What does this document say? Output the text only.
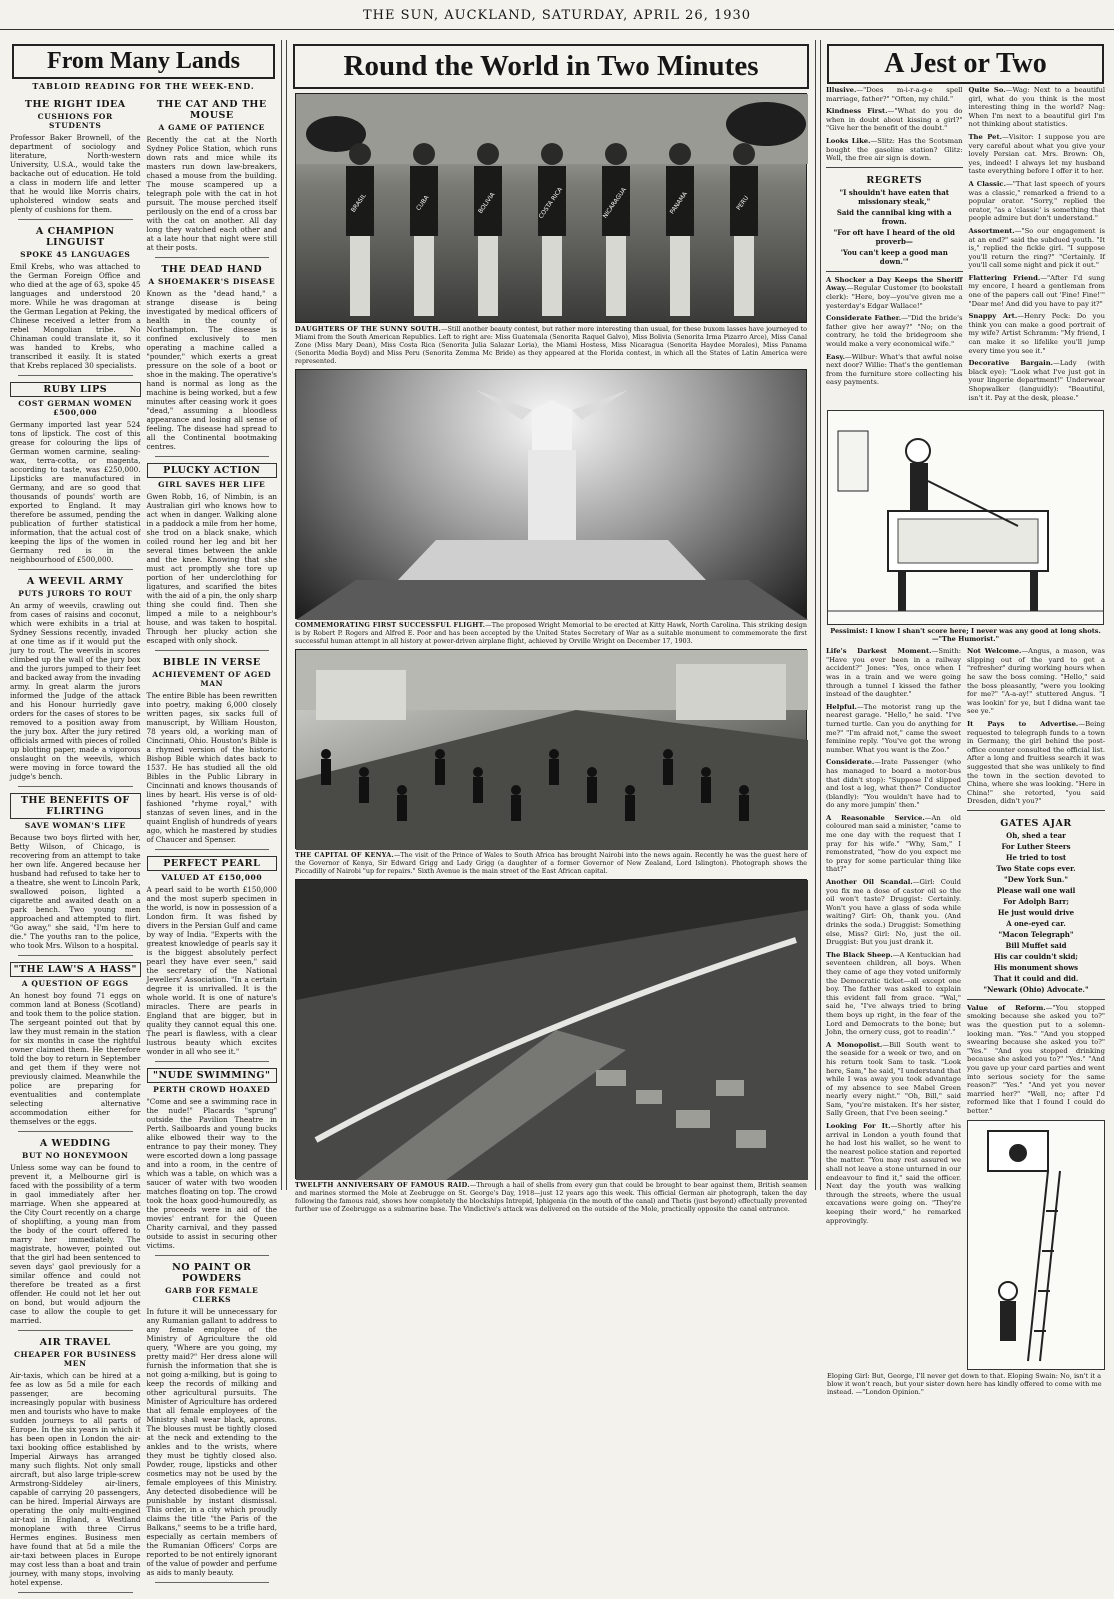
THE SUN, AUCKLAND, SATURDAY, APRIL 26, 1930
From Many Lands
TABLOID READING FOR THE WEEK-END.
THE RIGHT IDEA
CUSHIONS FOR STUDENTS
Professor Baker Brownell, of the department of sociology and literature, North-western University, U.S.A., would take the backache out of education. He told a class in modern life and letter that he would like Morris chairs, upholstered window seats and plenty of cushions for them.
A CHAMPION LINGUIST
SPOKE 45 LANGUAGES
Emil Krebs, who was attached to the German Foreign Office and who died at the age of 63, spoke 45 languages and understood 20 more. While he was dragoman at the German Legation at Peking, the Chinese received a letter from a rebel Mongolian tribe. No Chinaman could translate it, so it was handed to Krebs, who transcribed it easily. It is stated that Krebs replaced 30 specialists.
RUBY LIPS
COST GERMAN WOMEN £500,000
Germany imported last year 524 tons of lipstick. The cost of this grease for colouring the lips of German women carmine, sealing-wax, terra-cotta, or magenta, according to taste, was £250,000. Lipsticks are manufactured in Germany, and are so good that thousands of pounds' worth are exported to England. It may therefore be assumed, pending the publication of further statistical information, that the actual cost of keeping the lips of the women in Germany red is in the neighbourhood of £500,000.
A WEEVIL ARMY
PUTS JURORS TO ROUT
An army of weevils, crawling out from cases of raisins and coconut, which were exhibits in a trial at Sydney Sessions recently, invaded at one time as if it would put the jury to rout. The weevils in scores climbed up the wall of the jury box and the jurors jumped to their feet and backed away from the invading army. In great alarm the jurors informed the Judge of the attack and his Honour hurriedly gave orders for the cases of stores to be removed to a position away from the jury box. After the jury retired officials armed with pieces of rolled up blotting paper, made a vigorous onslaught on the weevils, which were moving in force toward the judge's bench.
THE BENEFITS OF FLIRTING
SAVE WOMAN'S LIFE
Because two boys flirted with her, Betty Wilson, of Chicago, is recovering from an attempt to take her own life. Angered because her husband had refused to take her to a theatre, she went to Lincoln Park, swallowed poison, lighted a cigarette and awaited death on a park bench. Two young men approached and attempted to flirt. "Go away," she said, "I'm here to die." The youths ran to the police, who took Mrs. Wilson to a hospital.
"THE LAW'S A HASS"
A QUESTION OF EGGS
An honest boy found 71 eggs on common land at Boness (Scotland) and took them to the police station. The sergeant pointed out that by law they must remain in the station for six months in case the rightful owner claimed them. He therefore told the boy to return in September and get them if they were not previously claimed. Meanwhile the police are preparing for eventualities and contemplate selecting alternative accommodation either for themselves or the eggs.
A WEDDING
BUT NO HONEYMOON
Unless some way can be found to prevent it, a Melbourne girl is faced with the possibility of a term in gaol immediately after her marriage. When she appeared at the City Court recently on a charge of shoplifting, a young man from the body of the court offered to marry her immediately. The magistrate, however, pointed out that the girl had been sentenced to seven days' gaol previously for a similar offence and could not therefore be treated as a first offender. He could not let her out on bond, but would adjourn the case to allow the couple to get married.
AIR TRAVEL
CHEAPER FOR BUSINESS MEN
Air-taxis, which can be hired at a fee as low as 5d a mile for each passenger, are becoming increasingly popular with business men and tourists who have to make sudden journeys to all parts of Europe. In the six years in which it has been open in London the air-taxi booking office established by Imperial Airways has arranged many such flights. Not only small aircraft, but also large triple-screw Armstrong-Siddeley air-liners, capable of carrying 20 passengers, can be hired. Imperial Airways are operating the only multi-engined air-taxi in England, a Westland monoplane with three Cirrus Hermes engines. Business men have found that at 5d a mile the air-taxi between places in Europe may cost less than a boat and train journey, with many stops, involving hotel expense.
THE CAT AND THE MOUSE
A GAME OF PATIENCE
Recently the cat at the North Sydney Police Station, which runs down rats and mice while its masters run down law-breakers, chased a mouse from the building. The mouse scampered up a telegraph pole with the cat in hot pursuit. The mouse perched itself perilously on the end of a cross bar with the cat on another. All day long they watched each other and at a late hour that night were still at their posts.
THE DEAD HAND
A SHOEMAKER'S DISEASE
Known as the "dead hand," a strange disease is being investigated by medical officers of health in the county of Northampton. The disease is confined exclusively to men operating a machine called a "pounder," which exerts a great pressure on the sole of a boot or shoe in the making. The operative's hand is normal as long as the machine is being worked, but a few minutes after ceasing work it goes "dead," assuming a bloodless appearance and losing all sense of feeling. The disease had spread to all the Continental bootmaking centres.
PLUCKY ACTION
GIRL SAVES HER LIFE
Gwen Robb, 16, of Nimbin, is an Australian girl who knows how to act when in danger. Walking alone in a paddock a mile from her home, she trod on a black snake, which coiled round her leg and bit her several times between the ankle and the knee. Knowing that she must act promptly she tore up portion of her underclothing for ligatures, and scarified the bites with the aid of a pin, the only sharp thing she could find. Then she limped a mile to a neighbour's house, and was taken to hospital. Through her plucky action she escaped with only shock.
BIBLE IN VERSE
ACHIEVEMENT OF AGED MAN
The entire Bible has been rewritten into poetry, making 6,000 closely written pages, six sacks full of manuscript, by William Houston, 78 years old, a working man of Cincinnati, Ohio. Houston's Bible is a rhymed version of the historic Bishop Bible which dates back to 1537. He has studied all the old Bibles in the Public Library in Cincinnati and knows thousands of lines by heart. His verse is of old-fashioned "rhyme royal," with stanzas of seven lines, and in the quaint English of hundreds of years ago, which he mastered by studies of Chaucer and Spenser.
PERFECT PEARL
VALUED AT £150,000
A pearl said to be worth £150,000 and the most superb specimen in the world, is now in possession of a London firm. It was fished by divers in the Persian Gulf and came by way of India. "Experts with the greatest knowledge of pearls say it is the biggest absolutely perfect pearl they have ever seen," said the secretary of the National Jewellers' Association. "In a certain degree it is unrivalled. It is the whole world. It is one of nature's miracles. There are pearls in England that are bigger, but in quality they cannot equal this one. The pearl is flawless, with a clear lustrous beauty which excites wonder in all who see it."
"NUDE SWIMMING"
PERTH CROWD HOAXED
"Come and see a swimming race in the nude!" Placards "sprung" outside the Pavilion Theatre in Perth. Sailboards and young bucks alike elbowed their way to the entrance to pay their money. They were escorted down a long passage and into a room, in the centre of which was a table, on which was a saucer of water with two wooden matches floating on top. The crowd took the hoax good-humouredly, as the proceeds were in aid of the movies' entrant for the Queen Charity carnival, and they passed outside to assist in securing other victims.
NO PAINT OR POWDERS
GARB FOR FEMALE CLERKS
In future it will be unnecessary for any Rumanian gallant to address to any female employee of the Ministry of Agriculture the old query, "Where are you going, my pretty maid?" Her dress alone will furnish the information that she is not going a-milking, but is going to keep the records of milking and other agricultural pursuits. The Minister of Agriculture has ordered that all female employees of the Ministry shall wear black, aprons. The blouses must be tightly closed at the neck and extending to the ankles and to the wrists, where they must be tightly closed also. Powder, rouge, lipsticks and other cosmetics may not be used by the female employees of this Ministry. Any detected disobedience will be punishable by instant dismissal. This order, in a city which proudly claims the title "the Paris of the Balkans," seems to be a trifle hard, especially as certain members of the Rumanian Officers' Corps are reported to be not entirely ignorant of the value of powder and perfume as aids to manly beauty.
Round the World in Two Minutes
BRASIL	CUBA	BOLIVIA	COSTA RICA	NICARAGUA	PANAMA	PERU
DAUGHTERS OF THE SUNNY SOUTH.—Still another beauty contest, but rather more interesting than usual, for these buxom lasses have journeyed to Miami from the South American Republics. Left to right are: Miss Guatemala (Senorita Raquel Galvo), Miss Bolivia (Senorita Irma Pizarro Arce), Miss Canal Zone (Miss Mary Dean), Miss Costa Rica (Senorita Julia Salazar Loria), the Miami Hostess, Miss Nicaragua (Senorita Haydee Morales), Miss Panama (Senorita Media Boyd) and Miss Peru (Senorita Zemma Mc Bride) as they appeared at the Florida contest, in which all the States of Latin America were represented.
COMMEMORATING FIRST SUCCESSFUL FLIGHT.—The proposed Wright Memorial to be erected at Kitty Hawk, North Carolina. This striking design is by Robert P. Rogers and Alfred E. Poor and has been accepted by the United States Secretary of War as a suitable monument to commemorate the first successful human attempt in all history at power-driven airplane flight, achieved by Orville Wright on December 17, 1903.
THE CAPITAL OF KENYA.—The visit of the Prince of Wales to South Africa has brought Nairobi into the news again. Recently he was the guest here of the Governor of Kenya, Sir Edward Grigg and Lady Grigg (a daughter of a former Governor of New Zealand, Lord Islington). Photograph shows the Piccadilly of Nairobi "up for repairs." Sixth Avenue is the main street of the East African capital.
TWELFTH ANNIVERSARY OF FAMOUS RAID.—Through a hail of shells from every gun that could be brought to bear against them, British seamen and marines stormed the Mole at Zeebrugge on St. George's Day, 1918—just 12 years ago this week. This official German air photograph, taken the day following the famous raid, shows how completely the blockships Intrepid, Iphigenia (in the mouth of the canal) and Thetis (just beyond) effectually prevented further use of Zeebrugge as a submarine base. The Vindictive's attack was delivered on the outside of the Mole, practically opposite the canal entrance.
A Jest or Two
Illusive.—"Does m-i-r-a-g-e spell marriage, father?" "Often, my child."
Kindness First.—"What do you do when in doubt about kissing a girl?" "Give her the benefit of the doubt."
Looks Like.—Slitz: Has the Scotsman bought the gasoline station? Glitz: Well, the free air sign is down.
REGRETS
"I shouldn't have eaten that missionary steak,"
Said the cannibal king with a frown.
"For oft have I heard of the old proverb—
'You can't keep a good man down.'"
A Shocker a Day Keeps the Sheriff Away.—Regular Customer (to bookstall clerk): "Here, boy—you've given me a yesterday's Edgar Wallace!"
Considerate Father.—"Did the bride's father give her away?" "No; on the contrary, he told the bridegroom she would make a very economical wife."
Easy.—Wilbur: What's that awful noise next door? Willie: That's the gentleman from the furniture store collecting his easy payments.
Quite So.—Wag: Next to a beautiful girl, what do you think is the most interesting thing in the world? Nag: When I'm next to a beautiful girl I'm not thinking about statistics.
The Pet.—Visitor: I suppose you are very careful about what you give your lovely Persian cat. Mrs. Brown: Oh, yes, indeed! I always let my husband taste everything before I offer it to her.
A Classic.—"That last speech of yours was a classic," remarked a friend to a popular orator. "Sorry," replied the orator, "as a 'classic' is something that people admire but don't understand."
Assortment.—"So our engagement is at an end?" said the subdued youth. "It is," replied the fickle girl. "I suppose you'll return the ring?" "Certainly. If you'll call some night and pick it out."
Flattering Friend.—"After I'd sung my encore, I heard a gentleman from one of the papers call out 'Fine! Fine!'" "Dear me! And did you have to pay it?"
Snappy Art.—Henry Peck: Do you think you can make a good portrait of my wife? Artist Schramm: "My friend, I can make it so lifelike you'll jump every time you see it."
Decorative Bargain.—Lady (with black eye): "Look what I've just got in your lingerie department!" Underwear Shopwalker (languidly): "Beautiful, isn't it. Pay at the desk, please."
Pessimist: I know I shan't score here; I never was any good at long shots. —"The Humorist."
Life's Darkest Moment.—Smith: "Have you ever been in a railway accident?" Jones: "Yes, once when I was in a train and we were going through a tunnel I kissed the father instead of the daughter."
Helpful.—The motorist rang up the nearest garage. "Hello," he said. "I've turned turtle. Can you do anything for me?" "I'm afraid not," came the sweet feminine reply. "You've got the wrong number. What you want is the Zoo."
Considerate.—Irate Passenger (who has managed to board a motor-bus that didn't stop): "Suppose I'd slipped and lost a leg, what then?" Conductor (blandly): "You wouldn't have had to do any more jumpin' then."
A Reasonable Service.—An old coloured man said a minister, "came to me one day with the request that I pray for his wife." "Why, Sam," I remonstrated, "how do you expect me to pray for some particular thing like that?"
Another Oil Scandal.—Girl: Could you fix me a dose of castor oil so the oil won't taste? Druggist: Certainly. Won't you have a glass of soda while waiting? Girl: Oh, thank you. (And drinks the soda.) Druggist: Something else, Miss? Girl: No, just the oil. Druggist: But you just drank it.
The Black Sheep.—A Kentuckian had seventeen children, all boys. When they came of age they voted uniformly the Democratic ticket—all except one boy. The father was asked to explain this evident fall from grace. "Wal," said he, "I've always tried to bring them boys up right, in the fear of the Lord and Democrats to the bone; but John, the ornery cuss, got to readin'."
A Monopolist.—Bill South went to the seaside for a week or two, and on his return took Sam to task. "Look here, Sam," he said, "I understand that while I was away you took advantage of my absence to see Mabel Green nearly every night." "Oh, Bill," said Sam, "you're mistaken. It's her sister, Sally Green, that I've been seeing."
Looking For It.—Shortly after his arrival in London a youth found that he had lost his wallet, so he went to the nearest police station and reported the matter. "You may rest assured we shall not leave a stone unturned in our endeavour to find it," said the officer. Next day the youth was walking through the streets, where the usual excavations were going on. "They're keeping their word," he remarked approvingly.
Not Welcome.—Angus, a mason, was slipping out of the yard to get a "refresher" during working hours when he saw the boss coming. "Hello," said the boss pleasantly, "were you looking for me?" "A-a-ay!" stuttered Angus. "I was lookin' for ye, but I didna want tae see ye."
It Pays to Advertise.—Being requested to telegraph funds to a town in Germany, the girl behind the post-office counter consulted the official list. After a long and fruitless search it was suggested that she was unlikely to find the town in the section devoted to China, where she was looking. "Here in China!" she retorted, "you said Dresden, didn't you?"
GATES AJAR
Oh, shed a tear
For Luther Steers
He tried to tost
Two State cops ever.
"Dew York Sun."
Please wail one wail
For Adolph Barr;
He just would drive
A one-eyed car.
"Macon Telegraph"
Bill Muffet said
His car couldn't skid;
His monument shows
That it could and did.
"Newark (Ohio) Advocate."
Value of Reform.—"You stopped smoking because she asked you to?" was the question put to a solemn-looking man. "Yes." "And you stopped swearing because she asked you to?" "Yes." "And you stopped drinking because she asked you to?" "Yes." "And you gave up your card parties and went into serious society for the same reason?" "Yes." "And yet you never married her?" "Well, no; after I'd reformed like that I found I could do better."
Eloping Girl: But, George, I'll never get down to that. Eloping Swain: No, isn't it a blow it won't reach, but your sister down here has kindly offered to come with me instead. —"London Opinion."
